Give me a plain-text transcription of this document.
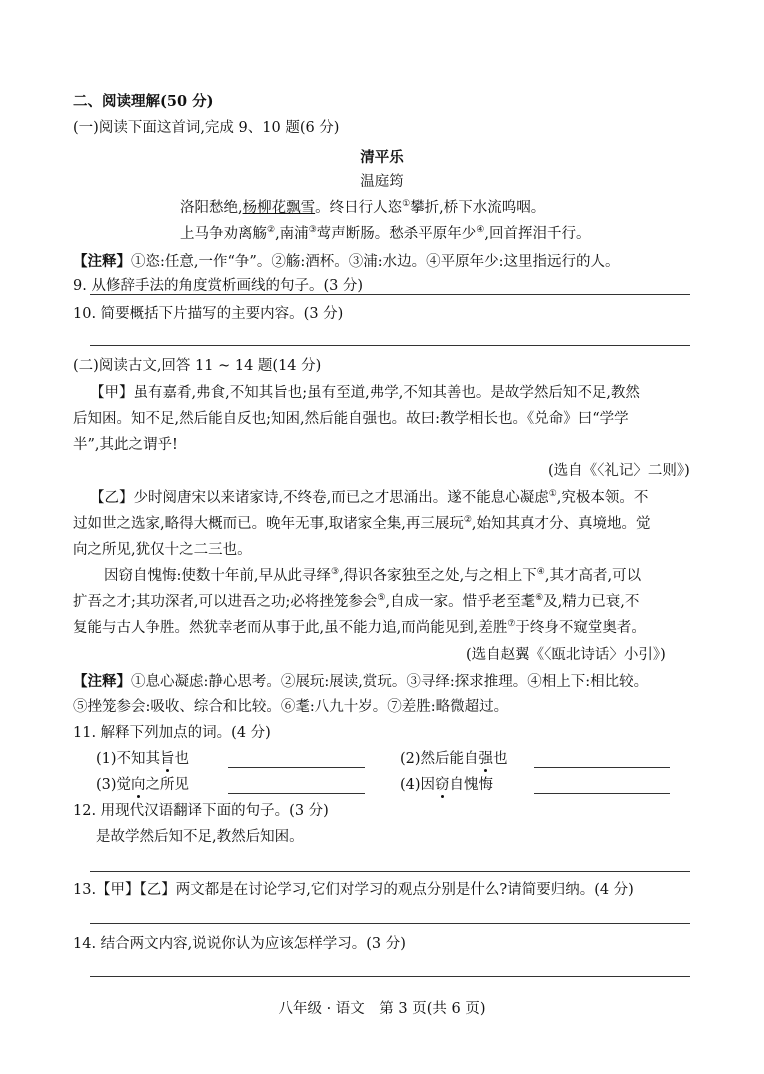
二、阅读理解(50 分)
(一)阅读下面这首词,完成 9、10 题(6 分)
清平乐
温庭筠
洛阳愁绝,杨柳花飘雪。终日行人恣①攀折,桥下水流呜咽。
上马争劝离觞②,南浦③莺声断肠。愁杀平原年少④,回首挥泪千行。
【注释】①恣:任意,一作“争”。②觞:酒杯。③浦:水边。④平原年少:这里指远行的人。
9. 从修辞手法的角度赏析画线的句子。(3 分)
10. 简要概括下片描写的主要内容。(3 分)
(二)阅读古文,回答 11 ~ 14 题(14 分)
【甲】虽有嘉肴,弗食,不知其旨也;虽有至道,弗学,不知其善也。是故学然后知不足,教然
后知困。知不足,然后能自反也;知困,然后能自强也。故曰:教学相长也。《兑命》曰“学学
半”,其此之谓乎!
(选自《〈礼记〉二则》)
【乙】少时阅唐宋以来诸家诗,不终卷,而已之才思涌出。遂不能息心凝虑①,究极本领。不
过如世之选家,略得大概而已。晚年无事,取诸家全集,再三展玩②,始知其真才分、真境地。觉
向之所见,犹仅十之二三也。
因窃自愧悔:使数十年前,早从此寻绎③,得识各家独至之处,与之相上下④,其才高者,可以
扩吾之才;其功深者,可以进吾之功;必将挫笼参会⑤,自成一家。惜乎老至耄⑥及,精力已衰,不
复能与古人争胜。然犹幸老而从事于此,虽不能力追,而尚能见到,差胜⑦于终身不窥堂奥者。
(选自赵翼《〈瓯北诗话〉小引》)
【注释】①息心凝虑:静心思考。②展玩:展读,赏玩。③寻绎:探求推理。④相上下:相比较。
⑤挫笼参会:吸收、综合和比较。⑥耄:八九十岁。⑦差胜:略微超过。
11. 解释下列加点的词。(4 分)
(1)不知其旨也	(2)然后能自强也
(3)觉向之所见	(4)因窃自愧悔
12. 用现代汉语翻译下面的句子。(3 分)
是故学然后知不足,教然后知困。
13.【甲】【乙】两文都是在讨论学习,它们对学习的观点分别是什么?请简要归纳。(4 分)
14. 结合两文内容,说说你认为应该怎样学习。(3 分)
八年级 · 语文　第 3 页(共 6 页)
